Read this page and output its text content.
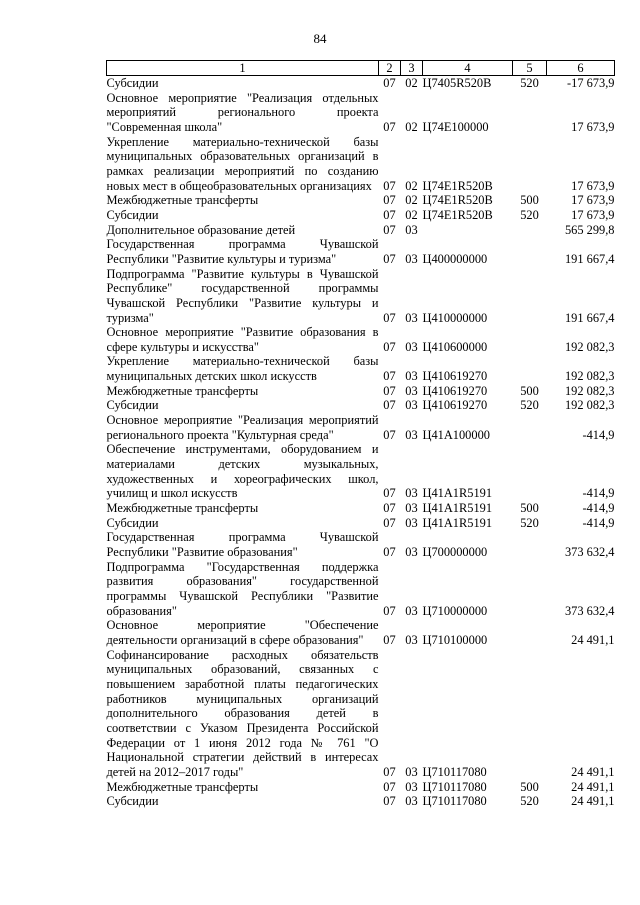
84
1	2	3	4	5	6
Субсидии	07	02	Ц7405R520B	520	-17 673,9
Основное мероприятие "Реализация отдельных мероприятий регионального проекта "Современная школа"	07	02	Ц74Е100000		17 673,9
Укрепление материально-технической базы муниципальных образовательных организаций в рамках реализации мероприятий по созданию новых мест в общеобразовательных организациях	07	02	Ц74Е1R520B		17 673,9
Межбюджетные трансферты	07	02	Ц74Е1R520B	500	17 673,9
Субсидии	07	02	Ц74Е1R520B	520	17 673,9
Дополнительное образование детей	07	03			565 299,8
Государственная программа Чувашской Республики "Развитие культуры и туризма"	07	03	Ц400000000		191 667,4
Подпрограмма "Развитие культуры в Чувашской Республике" государственной программы Чувашской Республики "Развитие культуры и туризма"	07	03	Ц410000000		191 667,4
Основное мероприятие "Развитие образования в сфере культуры и искусства"	07	03	Ц410600000		192 082,3
Укрепление материально-технической базы муниципальных детских школ искусств	07	03	Ц410619270		192 082,3
Межбюджетные трансферты	07	03	Ц410619270	500	192 082,3
Субсидии	07	03	Ц410619270	520	192 082,3
Основное мероприятие "Реализация мероприятий регионального проекта "Культурная среда"	07	03	Ц41А100000		-414,9
Обеспечение инструментами, оборудованием и материалами детских музыкальных, художественных и хореографических школ, училищ и школ искусств	07	03	Ц41А1R5191		-414,9
Межбюджетные трансферты	07	03	Ц41А1R5191	500	-414,9
Субсидии	07	03	Ц41А1R5191	520	-414,9
Государственная программа Чувашской Республики "Развитие образования"	07	03	Ц700000000		373 632,4
Подпрограмма "Государственная поддержка развития образования" государственной программы Чувашской Республики "Развитие образования"	07	03	Ц710000000		373 632,4
Основное мероприятие "Обеспечение деятельности организаций в сфере образования"	07	03	Ц710100000		24 491,1
Софинансирование расходных обязательств муниципальных образований, связанных с повышением заработной платы педагогических работников муниципальных организаций дополнительного образования детей в соответствии с Указом Президента Российской Федерации от 1 июня 2012 года № 761 "О Национальной стратегии действий в интересах детей на 2012–2017 годы"	07	03	Ц710117080		24 491,1
Межбюджетные трансферты	07	03	Ц710117080	500	24 491,1
Субсидии	07	03	Ц710117080	520	24 491,1
